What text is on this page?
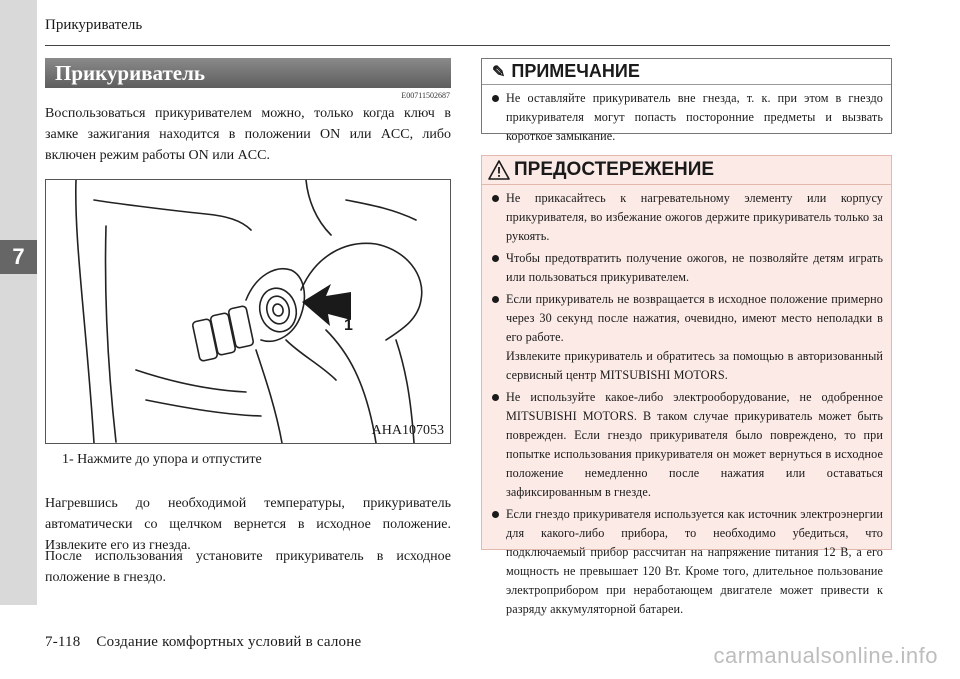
7
Прикуриватель
Прикуриватель
E00711502687
Воспользоваться прикуривателем можно, только когда ключ в замке зажигания находится в положении ON или ACC, либо включен режим работы ON или ACC.
1
AHA107053
1- Нажмите до упора и отпустите
Нагревшись до необходимой температуры, прикуриватель автоматически со щелчком вернется в исходное положение. Извлеките его из гнезда.
После использования установите прикуриватель в исходное положение в гнездо.
✎ ПРИМЕЧАНИЕ
Не оставляйте прикуриватель вне гнезда, т. к. при этом в гнездо прикуривателя могут попасть посторонние предметы и вызвать короткое замыкание.
ПРЕДОСТЕРЕЖЕНИЕ
Не прикасайтесь к нагревательному элементу или корпусу прикуривателя, во избежание ожогов держите прикуриватель только за рукоять.
Чтобы предотвратить получение ожогов, не позволяйте детям играть или пользоваться прикуривателем.
Если прикуриватель не возвращается в исходное положение примерно через 30 секунд после нажатия, очевидно, имеют место неполадки в его работе.
Извлеките прикуриватель и обратитесь за помощью в авторизованный сервисный центр MITSUBISHI MOTORS.
Не используйте какое-либо электрооборудование, не одобренное MITSUBISHI MOTORS. В таком случае прикуриватель может быть поврежден. Если гнездо прикуривателя было повреждено, то при попытке использования прикуривателя он может вернуться в исходное положение немедленно после нажатия или оставаться зафиксированным в гнезде.
Если гнездо прикуривателя используется как источник электроэнергии для какого-либо прибора, то необходимо убедиться, что подключаемый прибор рассчитан на напряжение питания 12 В, а его мощность не превышает 120 Вт. Кроме того, длительное пользование электроприбором при неработающем двигателе может привести к разряду аккумуляторной батареи.
7-118 Создание комфортных условий в салоне
carmanualsonline.info
